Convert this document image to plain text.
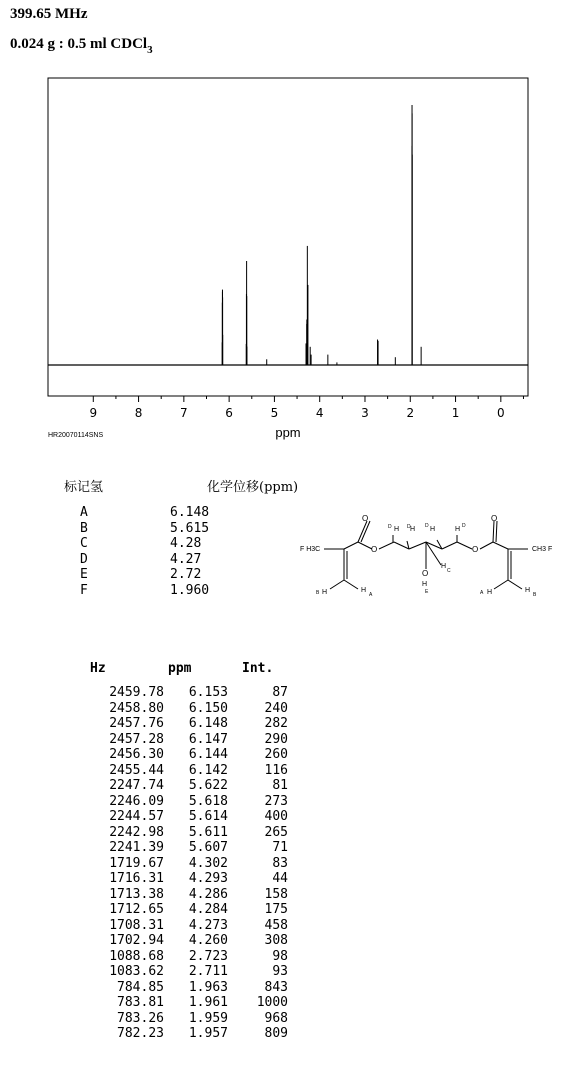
399.65 MHz
0.024 g : 0.5 ml CDCl$_3$
9	8	7	6	5	4	3	2	1	0
HR20070114SNS	ppm
标记氢	化学位移(ppm)
A	6.148
B	5.615
C	4.28
D	4.27
E	2.72
F	1.960
F H3C	CH3 F
O
O	O
O
O
D H D H D H	H D
H
C
H
E
B H	H
A	A H	H
B
Hz	ppm	Int.
2459.78	6.153	87
2458.80	6.150	240
2457.76	6.148	282
2457.28	6.147	290
2456.30	6.144	260
2455.44	6.142	116
2247.74	5.622	81
2246.09	5.618	273
2244.57	5.614	400
2242.98	5.611	265
2241.39	5.607	71
1719.67	4.302	83
1716.31	4.293	44
1713.38	4.286	158
1712.65	4.284	175
1708.31	4.273	458
1702.94	4.260	308
1088.68	2.723	98
1083.62	2.711	93
784.85	1.963	843
783.81	1.961	1000
783.26	1.959	968
782.23	1.957	809
